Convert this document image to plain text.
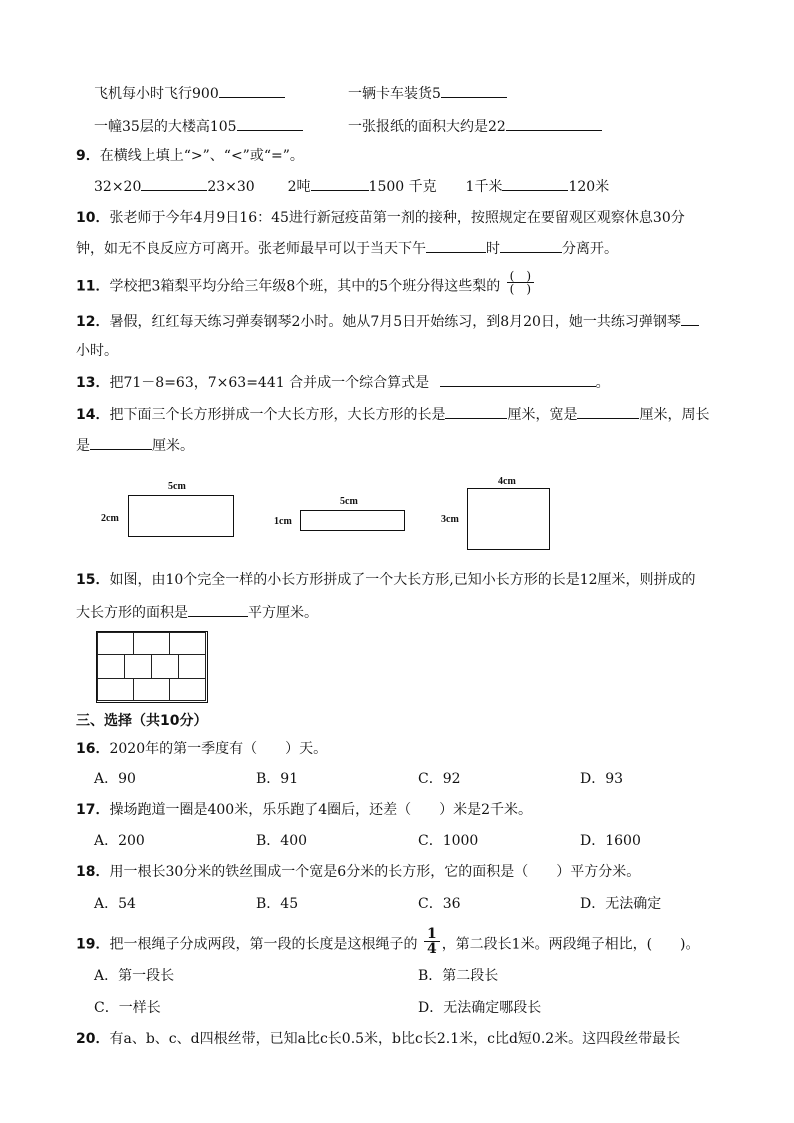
飞机每小时飞行900	一辆卡车装货5
一幢35层的大楼高105	一张报纸的面积大约是22
9．在横线上填上“>”、“<”或“=”。
32×20	23×30 2吨	1500 千克 1千米	120米
10．张老师于今年4月9日16：45进行新冠疫苗第一剂的接种，按照规定在要留观区观察休息30分
钟，如无不良反应方可离开。张老师最早可以于当天下午	时	分离开。
11．学校把3箱梨平均分给三年级8个班，其中的5个班分得这些梨的 $\frac{( )}{( )}$
12．暑假，红红每天练习弹奏钢琴2小时。她从7月5日开始练习，到8月20日，她一共练习弹钢琴
小时。
13．把71－8=63，7×63=441 合并成一个综合算式是	。
14．把下面三个长方形拼成一个大长方形，大长方形的长是	厘米，宽是	厘米，周长
是	厘米。
5cm
2cm
5cm
1cm
4cm
3cm
15．如图，由10个完全一样的小长方形拼成了一个大长方形,已知小长方形的长是12厘米，则拼成的
大长方形的面积是	平方厘米。
三、选择（共10分）
16．2020年的第一季度有（　　）天。
A．90	B．91	C．92	D．93
17．操场跑道一圈是400米，乐乐跑了4圈后，还差（　　）米是2千米。
A．200	B．400	C．1000	D．1600
18．用一根长30分米的铁丝围成一个宽是6分米的长方形，它的面积是（　　）平方分米。
A．54	B．45	C．36	D．无法确定
19．把一根绳子分成两段，第一段的长度是这根绳子的 $\frac{1}{4}$ ，第二段长1米。两段绳子相比，(　　)。
A．第一段长	B．第二段长
C．一样长	D．无法确定哪段长
20．有a、b、c、d四根丝带，已知a比c长0.5米，b比c长2.1米，c比d短0.2米。这四段丝带最长
